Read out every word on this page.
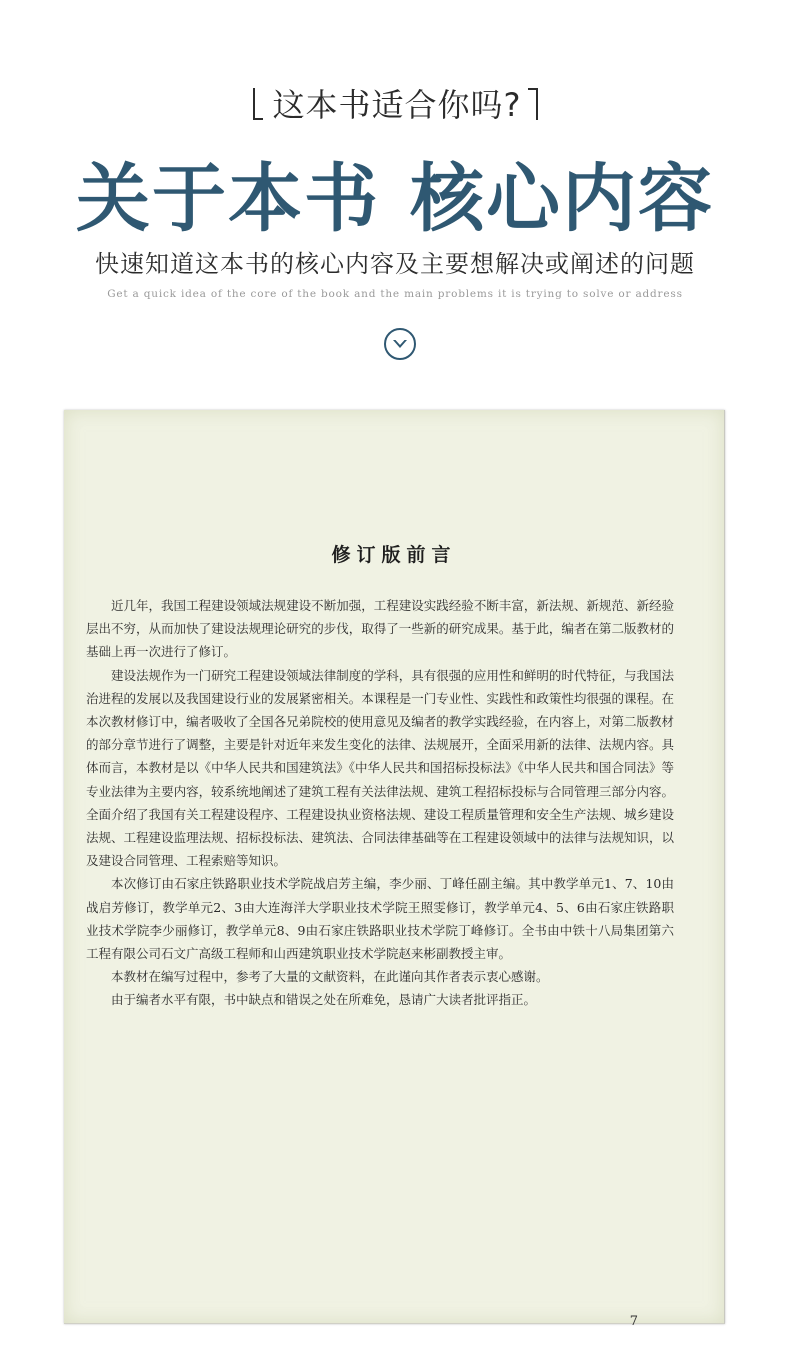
这本书适合你吗?
关于本书 核心内容
快速知道这本书的核心内容及主要想解决或阐述的问题
Get a quick idea of the core of the book and the main problems it is trying to solve or address
修订版前言

近几年，我国工程建设领域法规建设不断加强，工程建设实践经验不断丰富，新法规、新规范、新经验层出不穷，从而加快了建设法规理论研究的步伐，取得了一些新的研究成果。基于此，编者在第二版教材的基础上再一次进行了修订。

建设法规作为一门研究工程建设领域法律制度的学科，具有很强的应用性和鲜明的时代特征，与我国法治进程的发展以及我国建设行业的发展紧密相关。本课程是一门专业性、实践性和政策性均很强的课程。在本次教材修订中，编者吸收了全国各兄弟院校的使用意见及编者的教学实践经验，在内容上，对第二版教材的部分章节进行了调整，主要是针对近年来发生变化的法律、法规展开，全面采用新的法律、法规内容。具体而言，本教材是以《中华人民共和国建筑法》《中华人民共和国招标投标法》《中华人民共和国合同法》等专业法律为主要内容，较系统地阐述了建筑工程有关法律法规、建筑工程招标投标与合同管理三部分内容。全面介绍了我国有关工程建设程序、工程建设执业资格法规、建设工程质量管理和安全生产法规、城乡建设法规、工程建设监理法规、招标投标法、建筑法、合同法律基础等在工程建设领域中的法律与法规知识，以及建设合同管理、工程索赔等知识。

本次修订由石家庄铁路职业技术学院战启芳主编，李少丽、丁峰任副主编。其中教学单元1、7、10由战启芳修订，教学单元2、3由大连海洋大学职业技术学院王照雯修订，教学单元4、5、6由石家庄铁路职业技术学院李少丽修订，教学单元8、9由石家庄铁路职业技术学院丁峰修订。全书由中铁十八局集团第六工程有限公司石文广高级工程师和山西建筑职业技术学院赵来彬副教授主审。

本教材在编写过程中，参考了大量的文献资料，在此谨向其作者表示衷心感谢。

由于编者水平有限，书中缺点和错误之处在所难免，恳请广大读者批评指正。

7
